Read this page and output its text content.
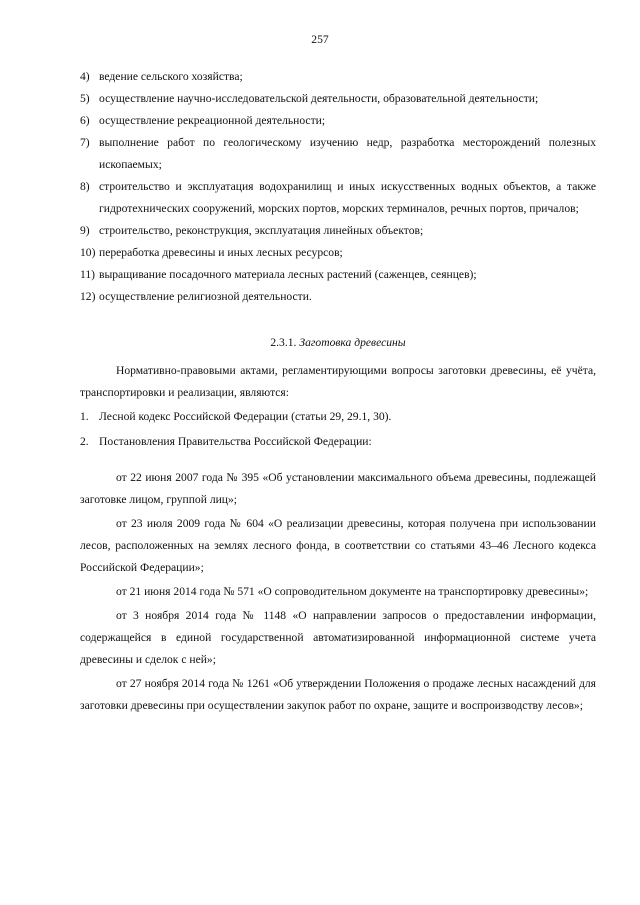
257
4) ведение сельского хозяйства;
5) осуществление научно-исследовательской деятельности, образовательной деятельности;
6) осуществление рекреационной деятельности;
7) выполнение работ по геологическому изучению недр, разработка месторождений полезных ископаемых;
8) строительство и эксплуатация водохранилищ и иных искусственных водных объектов, а также гидротехнических сооружений, морских портов, морских терминалов, речных портов, причалов;
9) строительство, реконструкция, эксплуатация линейных объектов;
10) переработка древесины и иных лесных ресурсов;
11) выращивание посадочного материала лесных растений (саженцев, сеянцев);
12) осуществление религиозной деятельности.
2.3.1. Заготовка древесины

Нормативно-правовыми актами, регламентирующими вопросы заготовки древесины, её учёта, транспортировки и реализации, являются:

1. Лесной кодекс Российской Федерации (статьи 29, 29.1, 30).
2. Постановления Правительства Российской Федерации:

от 22 июня 2007 года № 395 «Об установлении максимального объема древесины, подлежащей заготовке лицом, группой лиц»;

от 23 июля 2009 года № 604 «О реализации древесины, которая получена при использовании лесов, расположенных на землях лесного фонда, в соответствии со статьями 43–46 Лесного кодекса Российской Федерации»;

от 21 июня 2014 года № 571 «О сопроводительном документе на транспортировку древесины»;

от 3 ноября 2014 года № 1148 «О направлении запросов о предоставлении информации, содержащейся в единой государственной автоматизированной информационной системе учета древесины и сделок с ней»;

от 27 ноября 2014 года № 1261 «Об утверждении Положения о продаже лесных насаждений для заготовки древесины при осуществлении закупок работ по охране, защите и воспроизводству лесов»;
